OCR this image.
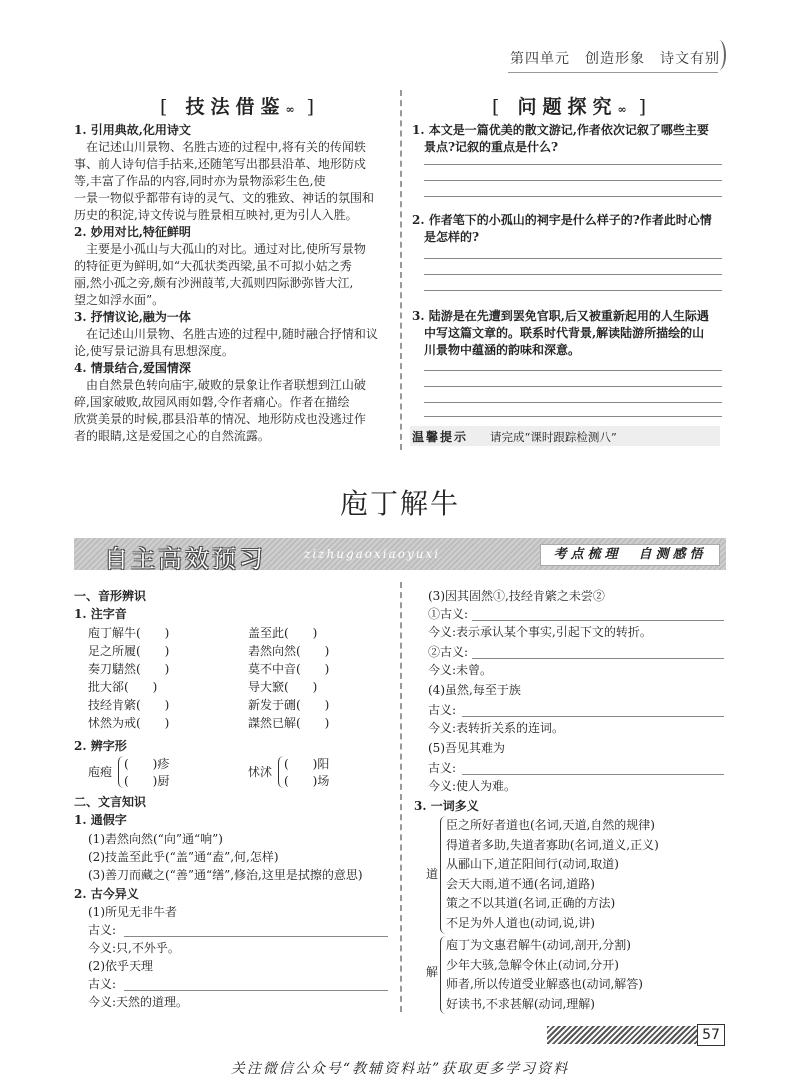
第四单元　创造形象　诗文有别
[ 技法借鉴∞ ]
1. 引用典故,化用诗文
在记述山川景物、名胜古迹的过程中,将有关的传闻轶
事、前人诗句信手拈来,还随笔写出郡县沿革、地形防戍
等,丰富了作品的内容,同时亦为景物添彩生色,使
一景一物似乎都带有诗的灵气、文的雅致、神话的氛围和
历史的积淀,诗文传说与胜景相互映衬,更为引人入胜。
2. 妙用对比,特征鲜明
主要是小孤山与大孤山的对比。通过对比,使所写景物
的特征更为鲜明,如“大孤状类西梁,虽不可拟小姑之秀
丽,然小孤之旁,颇有沙洲葭苇,大孤则四际渺弥皆大江,
望之如浮水面”。
3. 抒情议论,融为一体
在记述山川景物、名胜古迹的过程中,随时融合抒情和议
论,使写景记游具有思想深度。
4. 情景结合,爱国情深
由自然景色转向庙宇,破败的景象让作者联想到江山破
碎,国家破败,故园风雨如磐,令作者痛心。作者在描绘
欣赏美景的时候,郡县沿革的情况、地形防戍也没逃过作
者的眼睛,这是爱国之心的自然流露。
[ 问题探究∞ ]
1. 本文是一篇优美的散文游记,作者依次记叙了哪些主要
景点?记叙的重点是什么?
2. 作者笔下的小孤山的祠宇是什么样子的?作者此时心情
是怎样的?
3. 陆游是在先遭到罢免官职,后又被重新起用的人生际遇
中写这篇文章的。联系时代背景,解读陆游所描绘的山
川景物中蕴涵的韵味和深意。
温馨提示 请完成“课时跟踪检测八”
庖丁解牛
自主高效预习	zizhugaoxiaoyuxi	考点梳理　自测感悟
一、音形辨识
1. 注字音
庖丁解牛(　　)
足之所履(　　)
奏刀騞然(　　)
批大郤(　　)
技经肯綮(　　)
怵然为戒(　　)
盖至此(　　)
砉然向然(　　)
莫不中音(　　)
导大窾(　　)
新发于硎(　　)
謋然已解(　　)
2. 辨字形
庖疱
(　　)疹
(　　)厨
怵沭
(　　)阳
(　　)场
二、文言知识
1. 通假字
(1)砉然向然(“向”通“响”)
(2)技盖至此乎(“盖”通“盍”,何,怎样)
(3)善刀而藏之(“善”通“缮”,修治,这里是拭擦的意思)
2. 古今异义
(1)所见无非牛者
古义:
今义:只,不外乎。
(2)依乎天理
古义:
今义:天然的道理。
(3)因其固然①,技经肯綮之未尝②
①古义:
今义:表示承认某个事实,引起下文的转折。
②古义:
今义:未曾。
(4)虽然,每至于族
古义:
今义:表转折关系的连词。
(5)吾见其难为
古义:
今义:使人为难。
3. 一词多义
道
臣之所好者道也(名词,天道,自然的规律)
得道者多助,失道者寡助(名词,道义,正义)
从郦山下,道芷阳间行(动词,取道)
会天大雨,道不通(名词,道路)
策之不以其道(名词,正确的方法)
不足为外人道也(动词,说,讲)
解
庖丁为文惠君解牛(动词,剖开,分割)
少年大骇,急解令休止(动词,分开)
师者,所以传道受业解惑也(动词,解答)
好读书,不求甚解(动词,理解)
57
关注微信公众号“教辅资料站”获取更多学习资料
